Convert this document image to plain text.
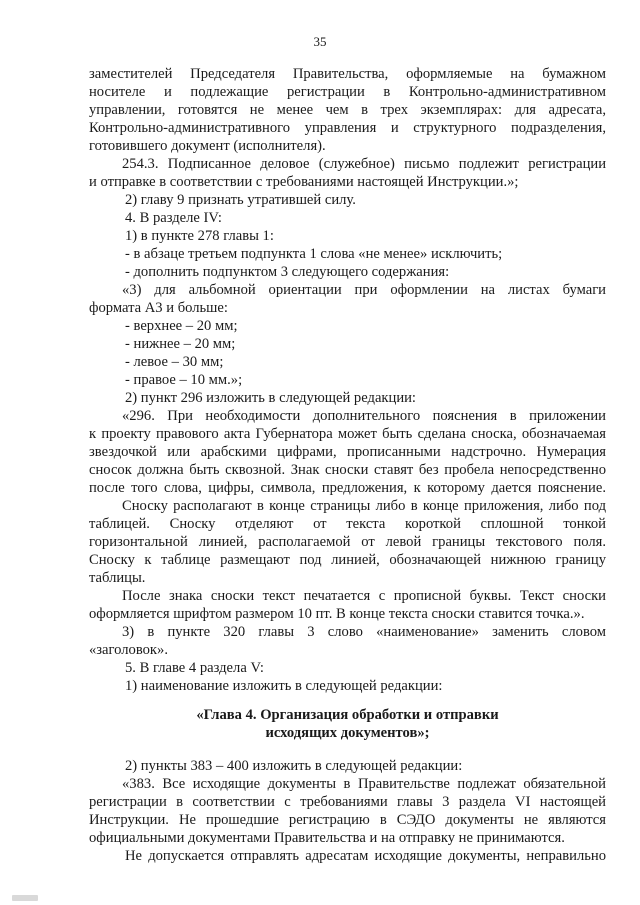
35
заместителей Председателя Правительства, оформляемые на бумажном
носителе и подлежащие регистрации в Контрольно-административном
управлении, готовятся не менее чем в трех экземплярах: для адресата,
Контрольно-административного управления и структурного подразделения,
готовившего документ (исполнителя).
254.3. Подписанное деловое (служебное) письмо подлежит регистрации
и отправке в соответствии с требованиями настоящей Инструкции.»;
2) главу 9 признать утратившей силу.
4. В разделе IV:
1) в пункте 278 главы 1:
- в абзаце третьем подпункта 1 слова «не менее» исключить;
- дополнить подпунктом 3 следующего содержания:
«3) для альбомной ориентации при оформлении на листах бумаги
формата А3 и больше:
- верхнее – 20 мм;
- нижнее – 20 мм;
- левое – 30 мм;
- правое – 10 мм.»;
2) пункт 296 изложить в следующей редакции:
«296. При необходимости дополнительного пояснения в приложении
к проекту правового акта Губернатора может быть сделана сноска, обозначаемая
звездочкой или арабскими цифрами, прописанными надстрочно. Нумерация
сносок должна быть сквозной. Знак сноски ставят без пробела непосредственно
после того слова, цифры, символа, предложения, к которому дается пояснение.
Сноску располагают в конце страницы либо в конце приложения, либо под
таблицей. Сноску отделяют от текста короткой сплошной тонкой
горизонтальной линией, располагаемой от левой границы текстового поля.
Сноску к таблице размещают под линией, обозначающей нижнюю границу
таблицы.
После знака сноски текст печатается с прописной буквы. Текст сноски
оформляется шрифтом размером 10 пт. В конце текста сноски ставится точка.».
3) в пункте 320 главы 3 слово «наименование» заменить словом
«заголовок».
5. В главе 4 раздела V:
1) наименование изложить в следующей редакции:
«Глава 4. Организация обработки и отправки
исходящих документов»;
2) пункты 383 – 400 изложить в следующей редакции:
«383. Все исходящие документы в Правительстве подлежат обязательной
регистрации в соответствии с требованиями главы 3 раздела VI настоящей
Инструкции. Не прошедшие регистрацию в СЭДО документы не являются
официальными документами Правительства и на отправку не принимаются.
Не допускается отправлять адресатам исходящие документы, неправильно
